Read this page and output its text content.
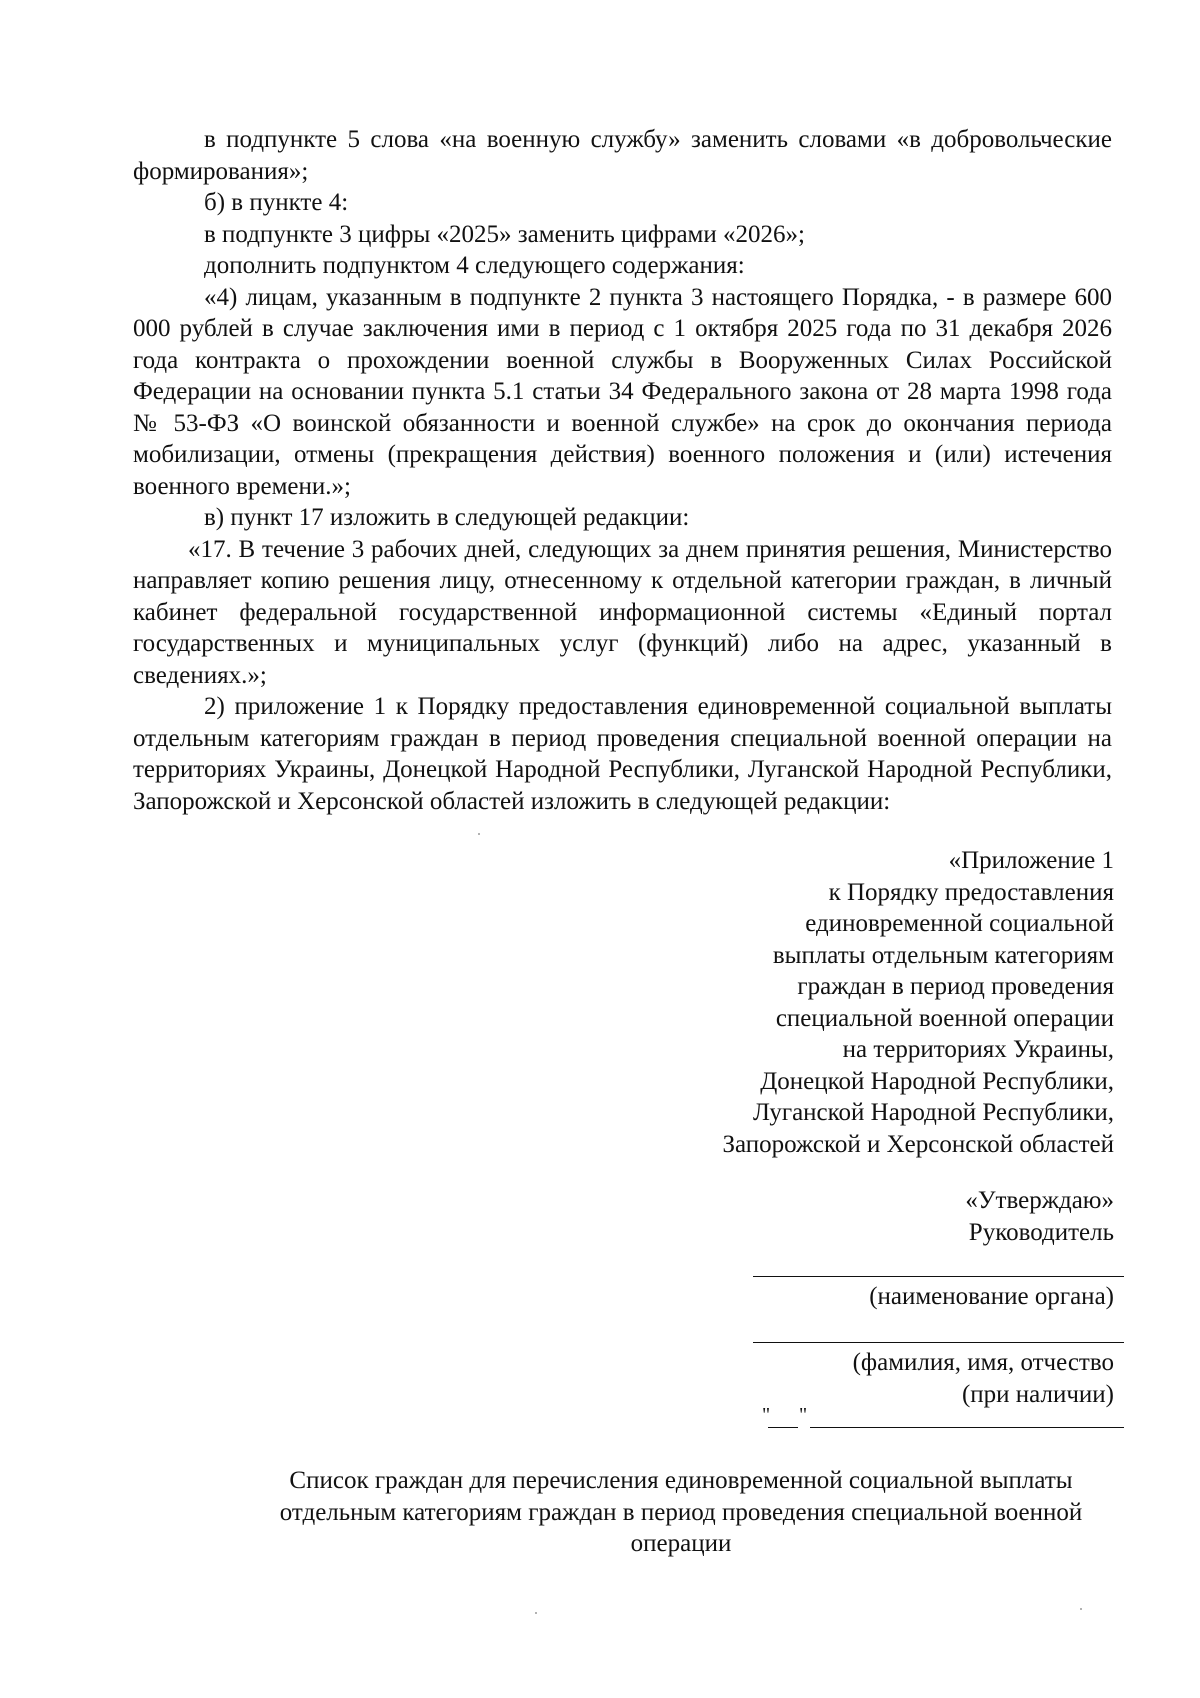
в подпункте 5 слова «на военную службу» заменить словами «в добровольческие формирования»;

б) в пункте 4:

в подпункте 3 цифры «2025» заменить цифрами «2026»;

дополнить подпунктом 4 следующего содержания:

«4) лицам, указанным в подпункте 2 пункта 3 настоящего Порядка, - в размере 600 000 рублей в случае заключения ими в период с 1 октября 2025 года по 31 декабря 2026 года контракта о прохождении военной службы в Вооруженных Силах Российской Федерации на основании пункта 5.1 статьи 34 Федерального закона от 28 марта 1998 года № 53-ФЗ «О воинской обязанности и военной службе» на срок до окончания периода мобилизации, отмены (прекращения действия) военного положения и (или) истечения военного времени.»;

в) пункт 17 изложить в следующей редакции:

«17. В течение 3 рабочих дней, следующих за днем принятия решения, Министерство направляет копию решения лицу, отнесенному к отдельной категории граждан, в личный кабинет федеральной государственной информационной системы «Единый портал государственных и муниципальных услуг (функций) либо на адрес, указанный в сведениях.»;

2) приложение 1 к Порядку предоставления единовременной социальной выплаты отдельным категориям граждан в период проведения специальной военной операции на территориях Украины, Донецкой Народной Республики, Луганской Народной Республики, Запорожской и Херсонской областей изложить в следующей редакции:

«Приложение 1
к Порядку предоставления
единовременной социальной
выплаты отдельным категориям
граждан в период проведения
специальной военной операции
на территориях Украины,
Донецкой Народной Республики,
Луганской Народной Республики,
Запорожской и Херсонской областей
«Утверждаю»
Руководитель
(наименование органа)
(фамилия, имя, отчество
(при наличии)
" "
Список граждан для перечисления единовременной социальной выплаты
отдельным категориям граждан в период проведения специальной военной
операции
